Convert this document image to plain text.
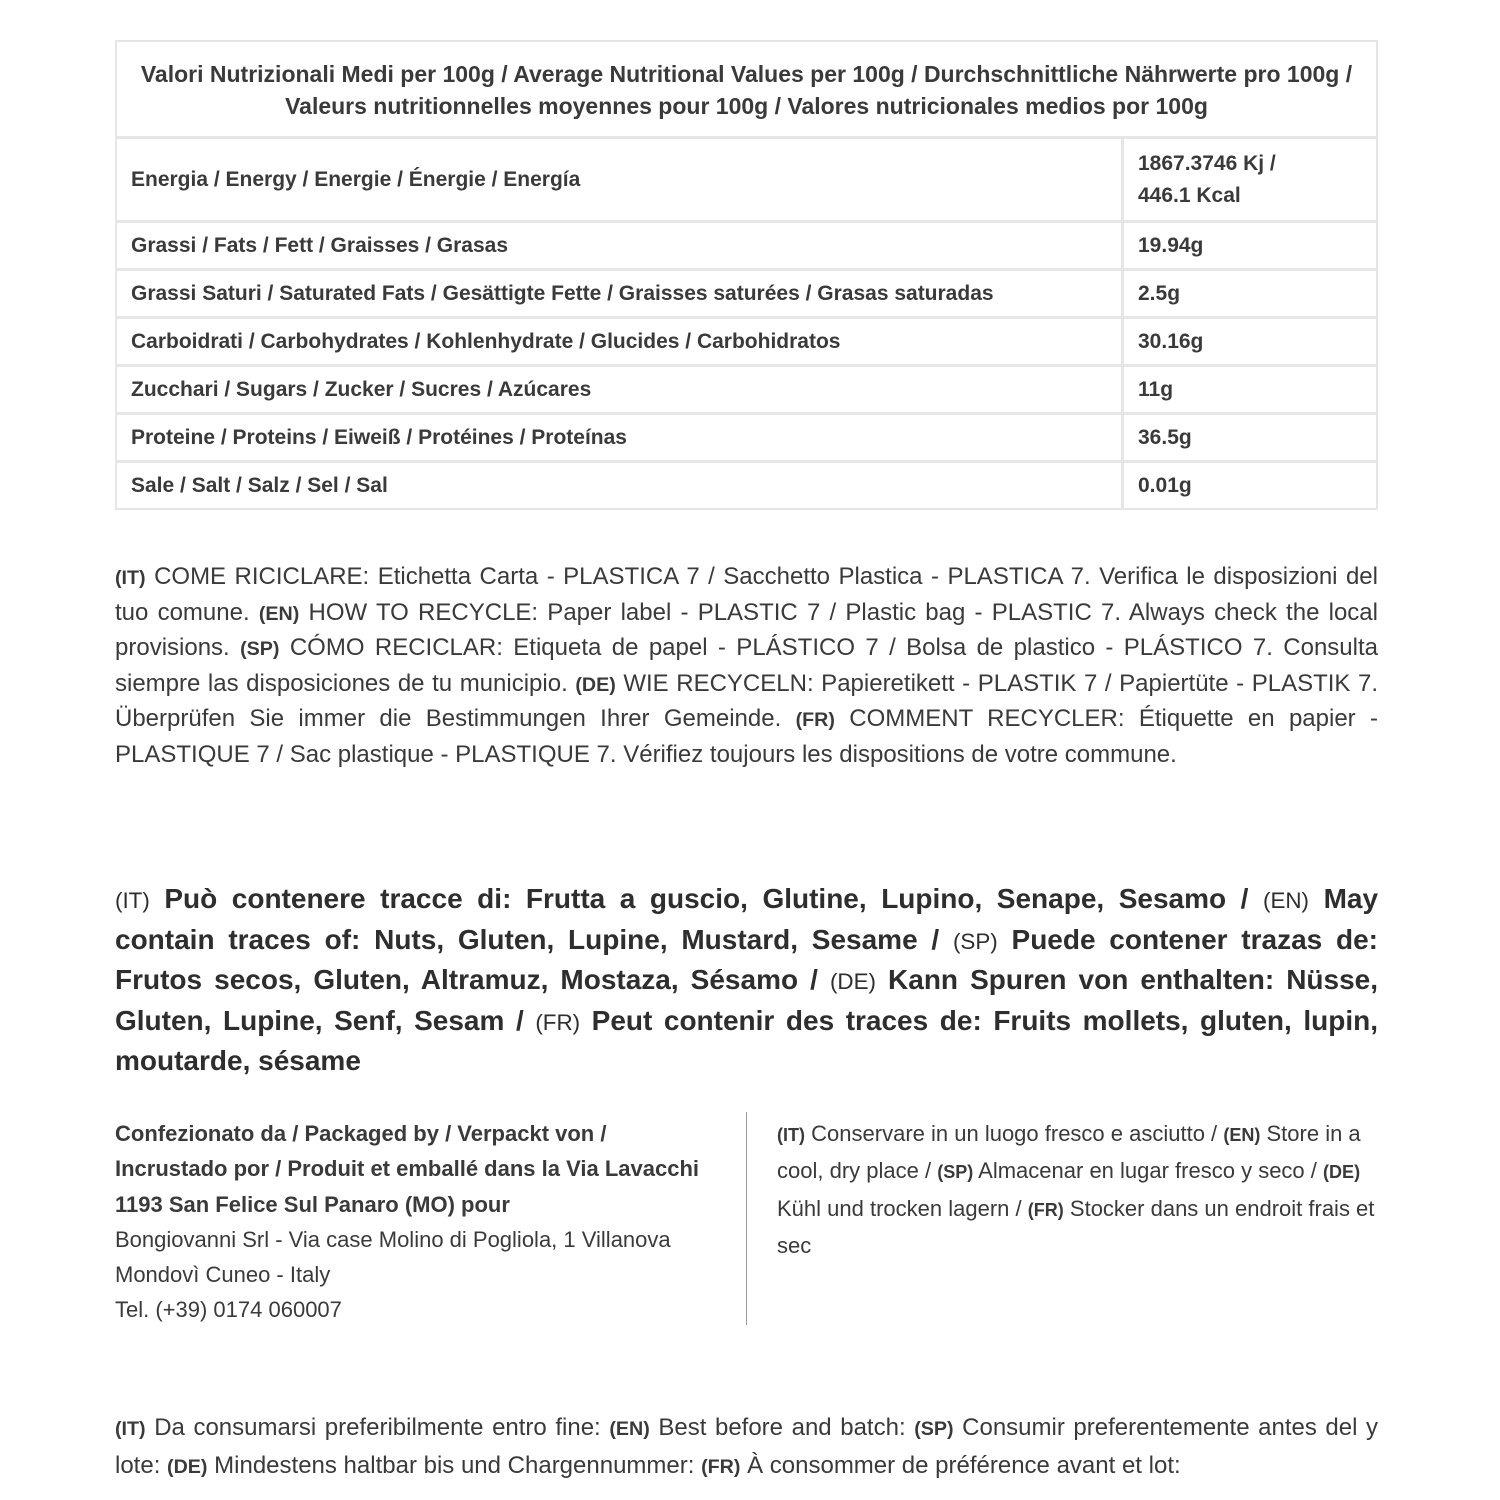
Valori Nutrizionali Medi per 100g / Average Nutritional Values per 100g / Durchschnittliche Nährwerte pro 100g / Valeurs nutritionnelles moyennes pour 100g / Valores nutricionales medios por 100g	
Energia / Energy / Energie / Énergie / Energía	1867.3746 Kj /
446.1 Kcal
Grassi / Fats / Fett / Graisses / Grasas	19.94g
Grassi Saturi / Saturated Fats / Gesättigte Fette / Graisses saturées / Grasas saturadas	2.5g
Carboidrati / Carbohydrates / Kohlenhydrate / Glucides / Carbohidratos	30.16g
Zucchari / Sugars / Zucker / Sucres / Azúcares	11g
Proteine / Proteins / Eiweiß / Protéines / Proteínas	36.5g
Sale / Salt / Salz / Sel / Sal	0.01g

(IT) COME RICICLARE: Etichetta Carta - PLASTICA 7 / Sacchetto Plastica - PLASTICA 7. Verifica le disposizioni del tuo comune. (EN) HOW TO RECYCLE: Paper label - PLASTIC 7 / Plastic bag - PLASTIC 7. Always check the local provisions. (SP) CÓMO RECICLAR: Etiqueta de papel - PLÁSTICO 7 / Bolsa de plastico - PLÁSTICO 7. Consulta siempre las disposiciones de tu municipio. (DE) WIE RECYCELN: Papieretikett - PLASTIK 7 / Papiertüte - PLASTIK 7. Überprüfen Sie immer die Bestimmungen Ihrer Gemeinde. (FR) COMMENT RECYCLER: Étiquette en papier - PLASTIQUE 7 / Sac plastique - PLASTIQUE 7. Vérifiez toujours les dispositions de votre commune.

(IT) Può contenere tracce di: Frutta a guscio, Glutine, Lupino, Senape, Sesamo / (EN) May contain traces of: Nuts, Gluten, Lupine, Mustard, Sesame / (SP) Puede contener trazas de: Frutos secos, Gluten, Altramuz, Mostaza, Sésamo / (DE) Kann Spuren von enthalten: Nüsse, Gluten, Lupine, Senf, Sesam / (FR) Peut contenir des traces de: Fruits mollets, gluten, lupin, moutarde, sésame

Confezionato da / Packaged by / Verpackt von /
Incrustado por / Produit et emballé dans la Via Lavacchi
1193 San Felice Sul Panaro (MO) pour
Bongiovanni Srl - Via case Molino di Pogliola, 1 Villanova
Mondovì Cuneo - Italy
Tel. (+39) 0174 060007

(IT) Conservare in un luogo fresco e asciutto / (EN) Store in a cool, dry place / (SP) Almacenar en lugar fresco y seco / (DE) Kühl und trocken lagern / (FR) Stocker dans un endroit frais et sec

(IT) Da consumarsi preferibilmente entro fine: (EN) Best before and batch: (SP) Consumir preferentemente antes del y lote: (DE) Mindestens haltbar bis und Chargennummer: (FR) À consommer de préférence avant et lot:
